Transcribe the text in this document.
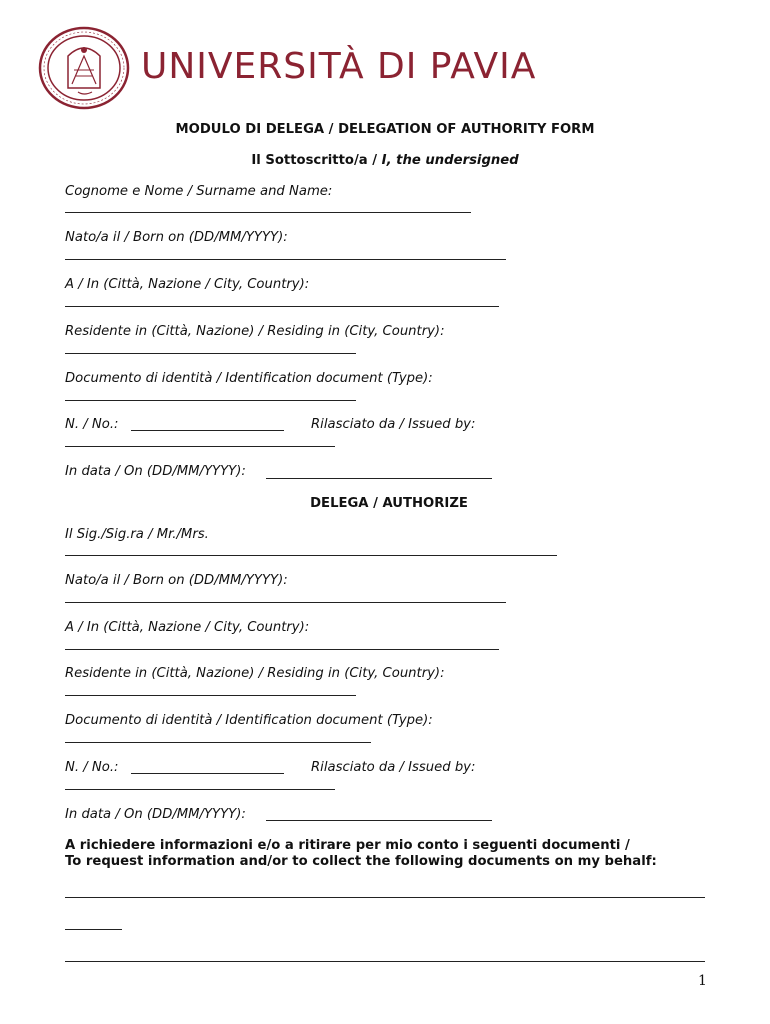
UNIVERSITÀ DI PAVIA
MODULO DI DELEGA / DELEGATION OF AUTHORITY FORM
Il Sottoscritto/a / I, the undersigned
Cognome e Nome / Surname and Name:
Nato/a il / Born on (DD/MM/YYYY):
A / In (Città, Nazione / City, Country):
Residente in (Città, Nazione) / Residing in (City, Country):
Documento di identità / Identification document (Type):
N. / No.:	Rilasciato da / Issued by:
In data / On (DD/MM/YYYY):
DELEGA / AUTHORIZE
Il Sig./Sig.ra / Mr./Mrs.
Nato/a il / Born on (DD/MM/YYYY):
A / In (Città, Nazione / City, Country):
Residente in (Città, Nazione) / Residing in (City, Country):
Documento di identità / Identification document (Type):
N. / No.:	Rilasciato da / Issued by:
In data / On (DD/MM/YYYY):
A richiedere informazioni e/o a ritirare per mio conto i seguenti documenti /
To request information and/or to collect the following documents on my behalf:
1
